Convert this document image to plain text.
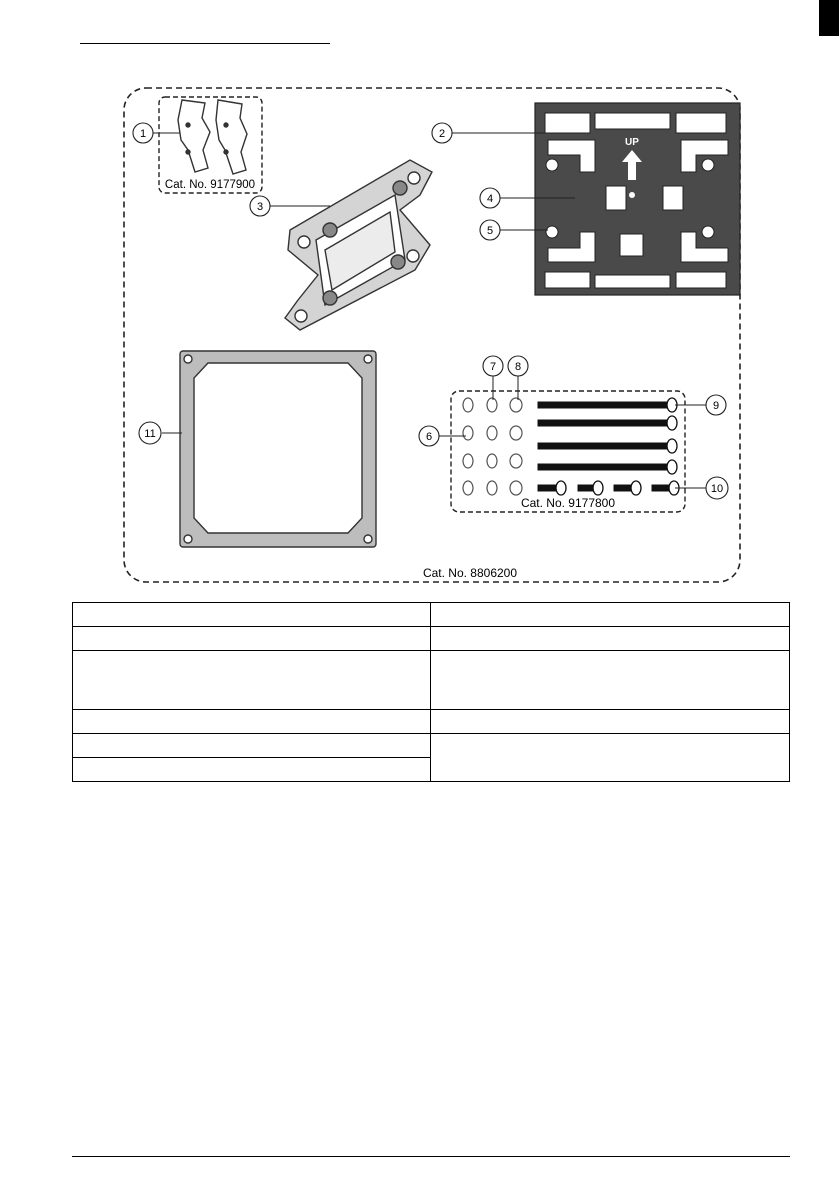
Cat. No. 9177900
UP
Cat. No. 9177800
Cat. No. 8806200
1	2
3
4
5
6
7 8
9
10
11
